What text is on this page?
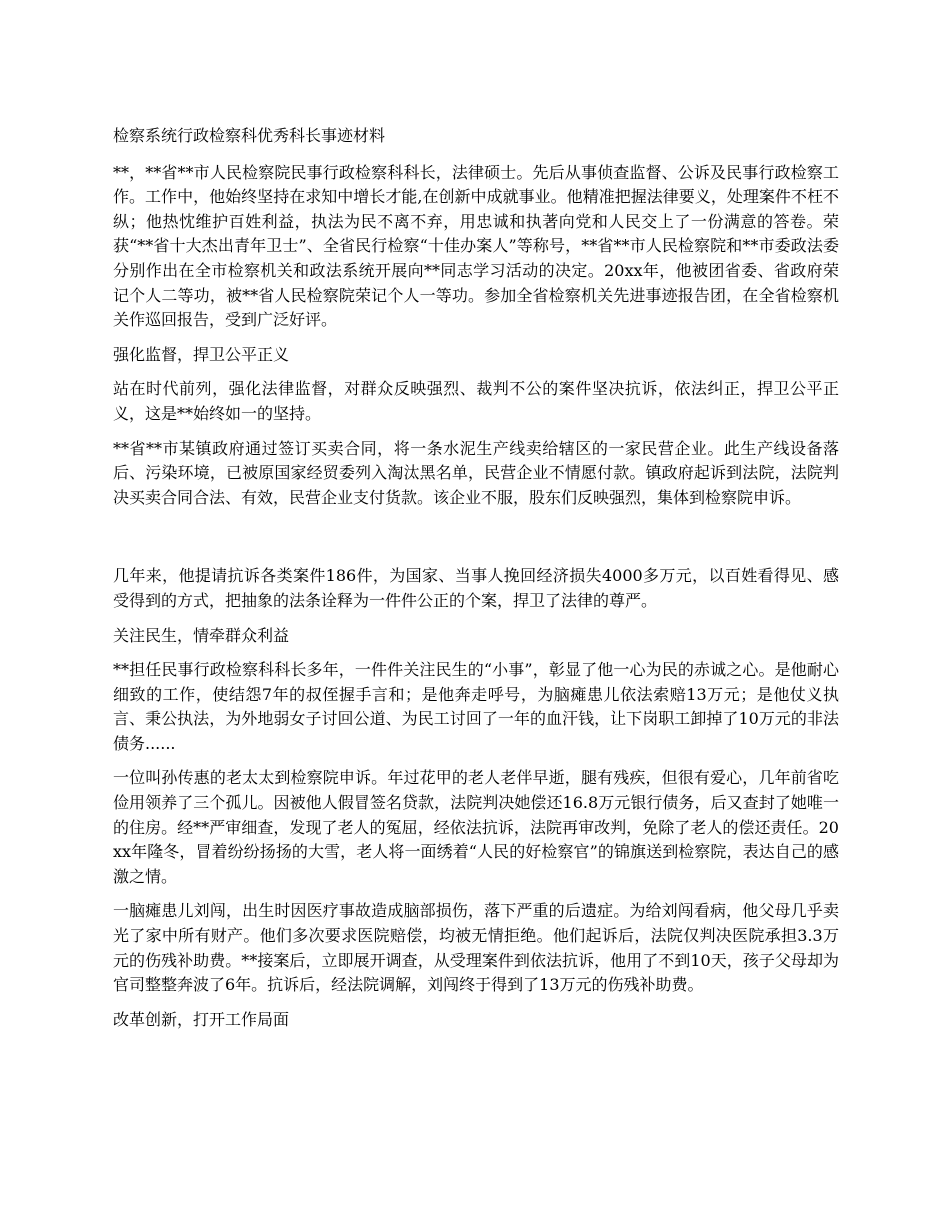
检察系统行政检察科优秀科长事迹材料

**，**省**市人民检察院民事行政检察科科长，法律硕士。先后从事侦查监督、公诉及民事行政检察工作。工作中，他始终坚持在求知中增长才能,在创新中成就事业。他精准把握法律要义，处理案件不枉不纵；他热忱维护百姓利益，执法为民不离不弃，用忠诚和执著向党和人民交上了一份满意的答卷。荣获“**省十大杰出青年卫士”、全省民行检察“十佳办案人”等称号，**省**市人民检察院和**市委政法委分别作出在全市检察机关和政法系统开展向**同志学习活动的决定。20xx年，他被团省委、省政府荣记个人二等功，被**省人民检察院荣记个人一等功。参加全省检察机关先进事迹报告团，在全省检察机关作巡回报告，受到广泛好评。

强化监督，捍卫公平正义

站在时代前列，强化法律监督，对群众反映强烈、裁判不公的案件坚决抗诉，依法纠正，捍卫公平正义，这是**始终如一的坚持。

**省**市某镇政府通过签订买卖合同，将一条水泥生产线卖给辖区的一家民营企业。此生产线设备落后、污染环境，已被原国家经贸委列入淘汰黑名单，民营企业不情愿付款。镇政府起诉到法院，法院判决买卖合同合法、有效，民营企业支付货款。该企业不服，股东们反映强烈，集体到检察院申诉。

几年来，他提请抗诉各类案件186件，为国家、当事人挽回经济损失4000多万元，以百姓看得见、感受得到的方式，把抽象的法条诠释为一件件公正的个案，捍卫了法律的尊严。

关注民生，情牵群众利益

**担任民事行政检察科科长多年，一件件关注民生的“小事”，彰显了他一心为民的赤诚之心。是他耐心细致的工作，使结怨7年的叔侄握手言和；是他奔走呼号，为脑瘫患儿依法索赔13万元；是他仗义执言、秉公执法，为外地弱女子讨回公道、为民工讨回了一年的血汗钱，让下岗职工卸掉了10万元的非法债务......

一位叫孙传惠的老太太到检察院申诉。年过花甲的老人老伴早逝，腿有残疾，但很有爱心，几年前省吃俭用领养了三个孤儿。因被他人假冒签名贷款，法院判决她偿还16.8万元银行债务，后又查封了她唯一的住房。经**严审细查，发现了老人的冤屈，经依法抗诉，法院再审改判，免除了老人的偿还责任。20xx年隆冬，冒着纷纷扬扬的大雪，老人将一面绣着“人民的好检察官”的锦旗送到检察院，表达自己的感激之情。

一脑瘫患儿刘闯，出生时因医疗事故造成脑部损伤，落下严重的后遗症。为给刘闯看病，他父母几乎卖光了家中所有财产。他们多次要求医院赔偿，均被无情拒绝。他们起诉后，法院仅判决医院承担3.3万元的伤残补助费。**接案后，立即展开调查，从受理案件到依法抗诉，他用了不到10天，孩子父母却为官司整整奔波了6年。抗诉后，经法院调解，刘闯终于得到了13万元的伤残补助费。

改革创新，打开工作局面
